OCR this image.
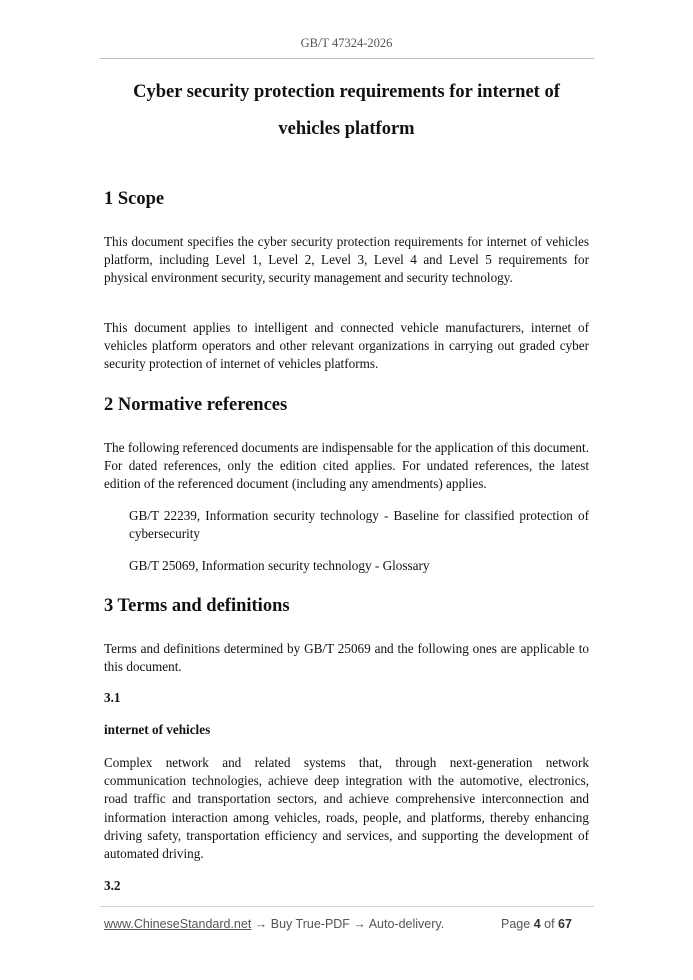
GB/T 47324-2026
Cyber security protection requirements for internet of
vehicles platform
1 Scope

This document specifies the cyber security protection requirements for internet of vehicles platform, including Level 1, Level 2, Level 3, Level 4 and Level 5 requirements for physical environment security, security management and security technology.

This document applies to intelligent and connected vehicle manufacturers, internet of vehicles platform operators and other relevant organizations in carrying out graded cyber security protection of internet of vehicles platforms.

2 Normative references

The following referenced documents are indispensable for the application of this document. For dated references, only the edition cited applies. For undated references, the latest edition of the referenced document (including any amendments) applies.

GB/T 22239, Information security technology - Baseline for classified protection of cybersecurity

GB/T 25069, Information security technology - Glossary

3 Terms and definitions

Terms and definitions determined by GB/T 25069 and the following ones are applicable to this document.

3.1

internet of vehicles

Complex network and related systems that, through next-generation network communication technologies, achieve deep integration with the automotive, electronics, road traffic and transportation sectors, and achieve comprehensive interconnection and information interaction among vehicles, roads, people, and platforms, thereby enhancing driving safety, transportation efficiency and services, and supporting the development of automated driving.

3.2

www.ChineseStandard.net → Buy True-PDF → Auto-delivery.	Page 4 of 67
